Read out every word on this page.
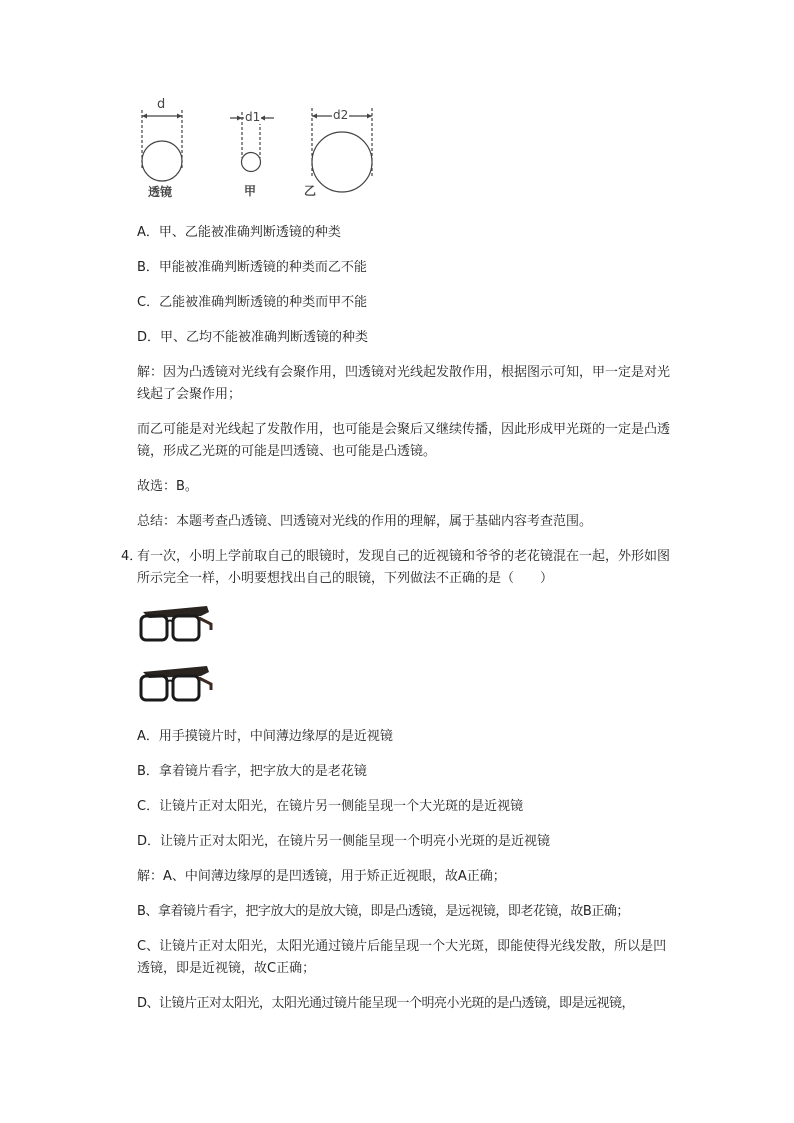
d
d1	d2
透镜	甲	乙

A．甲、乙能被准确判断透镜的种类

B．甲能被准确判断透镜的种类而乙不能

C．乙能被准确判断透镜的种类而甲不能

D．甲、乙均不能被准确判断透镜的种类

解：因为凸透镜对光线有会聚作用，凹透镜对光线起发散作用，根据图示可知，甲一定是对光线起了会聚作用；

而乙可能是对光线起了发散作用，也可能是会聚后又继续传播，因此形成甲光斑的一定是凸透镜，形成乙光斑的可能是凹透镜、也可能是凸透镜。

故选：B。

总结：本题考查凸透镜、凹透镜对光线的作用的理解，属于基础内容考查范围。

4．

有一次，小明上学前取自己的眼镜时，发现自己的近视镜和爷爷的老花镜混在一起，外形如图所示完全一样，小明要想找出自己的眼镜，下列做法不正确的是（　　）

A．用手摸镜片时，中间薄边缘厚的是近视镜

B．拿着镜片看字，把字放大的是老花镜

C．让镜片正对太阳光，在镜片另一侧能呈现一个大光斑的是近视镜

D．让镜片正对太阳光，在镜片另一侧能呈现一个明亮小光斑的是近视镜

解：A、中间薄边缘厚的是凹透镜，用于矫正近视眼，故A正确；

B、拿着镜片看字，把字放大的是放大镜，即是凸透镜，是远视镜，即老花镜，故B正确；

C、让镜片正对太阳光，太阳光通过镜片后能呈现一个大光斑，即能使得光线发散，所以是凹透镜，即是近视镜，故C正确；

D、让镜片正对太阳光，太阳光通过镜片能呈现一个明亮小光斑的是凸透镜，即是远视镜，
